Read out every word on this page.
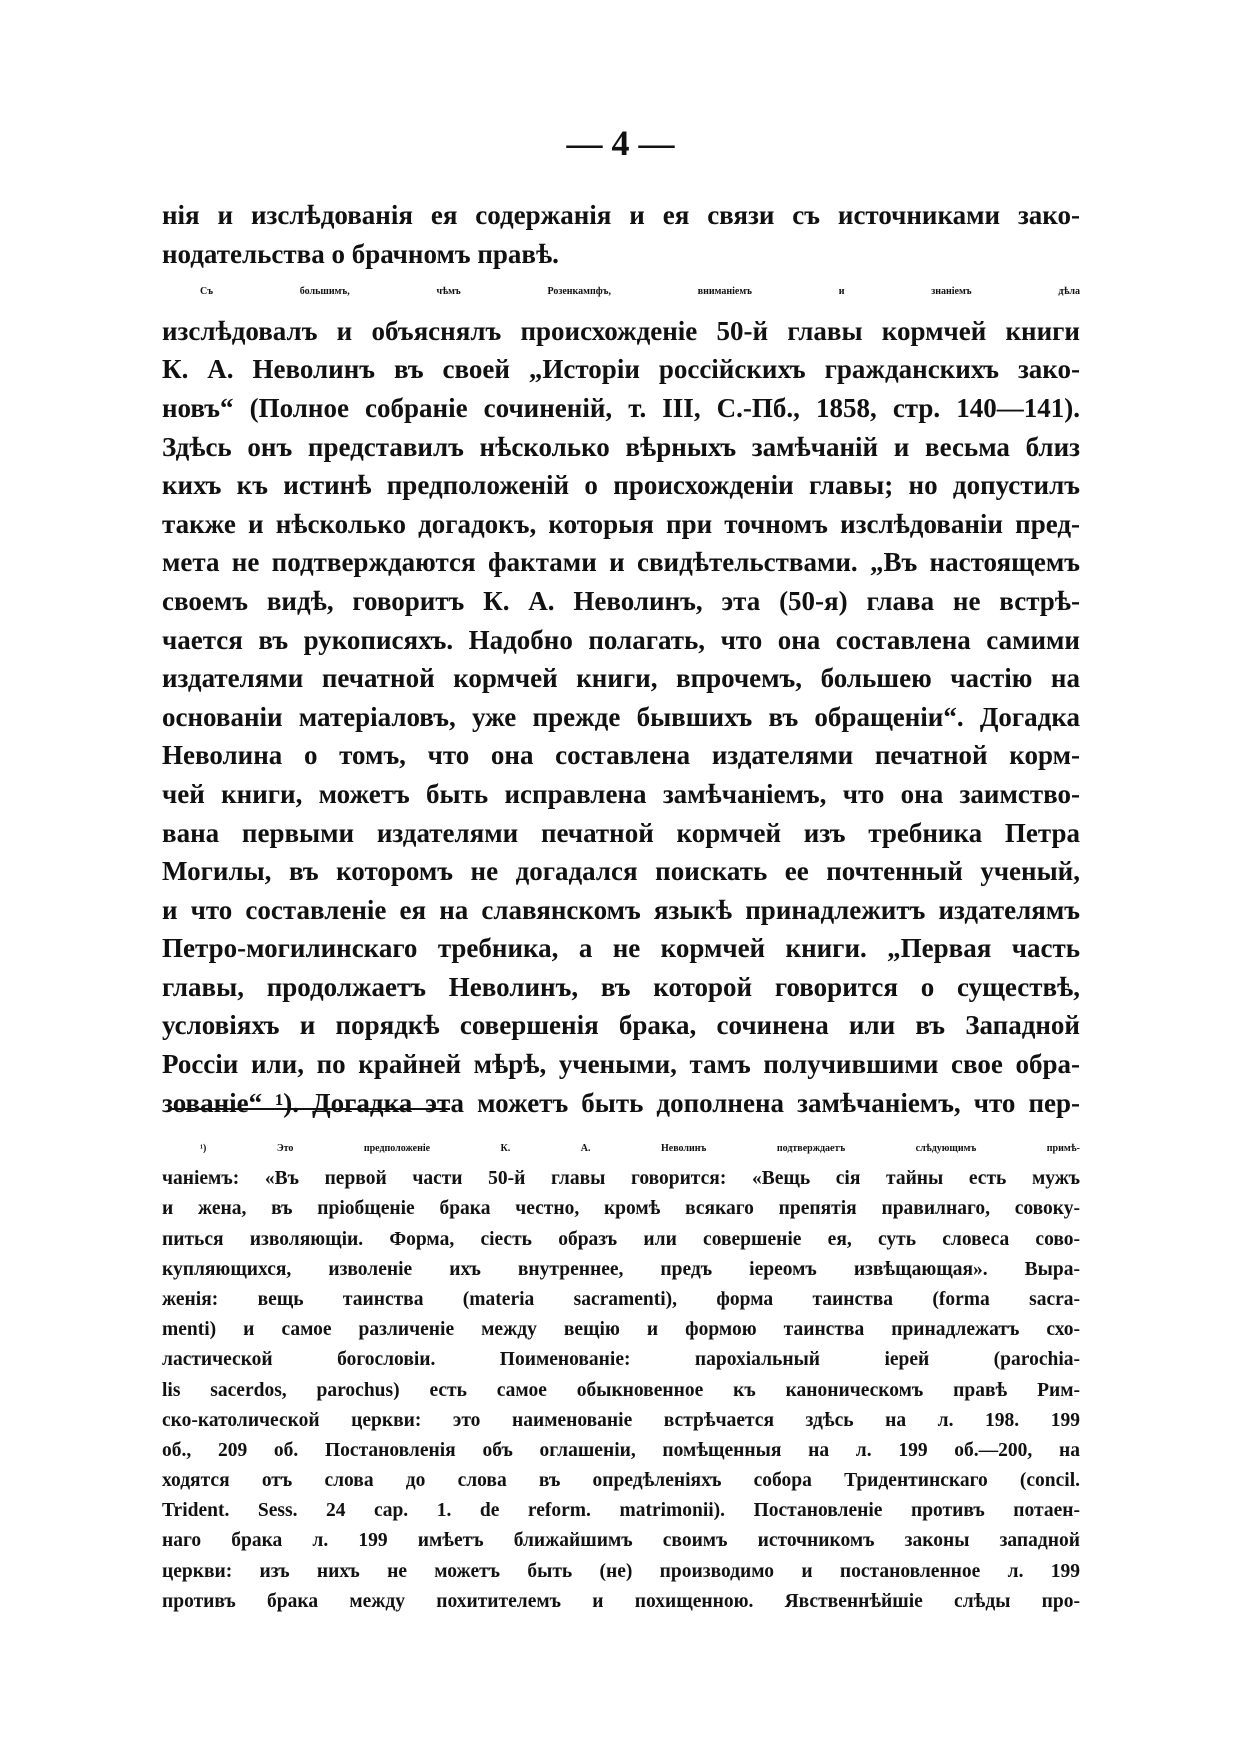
— 4 —
нія и изслѣдованія ея содержанія и ея связи съ источниками зако-
нодательства о брачномъ правѣ.
Съ большимъ, чѣмъ Розенкампфъ, вниманіемъ и знаніемъ дѣла
изслѣдовалъ и объяснялъ происхожденіе 50-й главы кормчей книги
К. А. Неволинъ въ своей „Исторіи россійскихъ гражданскихъ зако-
новъ“ (Полное собраніе сочиненій, т. III, С.-Пб., 1858, стр. 140—141).
Здѣсь онъ представилъ нѣсколько вѣрныхъ замѣчаній и весьма близ
кихъ къ истинѣ предположеній о происхожденіи главы; но допустилъ
также и нѣсколько догадокъ, которыя при точномъ изслѣдованіи пред-
мета не подтверждаются фактами и свидѣтельствами. „Въ настоящемъ
своемъ видѣ, говоритъ К. А. Неволинъ, эта (50-я) глава не встрѣ-
чается въ рукописяхъ. Надобно полагать, что она составлена самими
издателями печатной кормчей книги, впрочемъ, большею частію на
основаніи матеріаловъ, уже прежде бывшихъ въ обращеніи“. Догадка
Неволина о томъ, что она составлена издателями печатной корм-
чей книги, можетъ быть исправлена замѣчаніемъ, что она заимство-
вана первыми издателями печатной кормчей изъ требника Петра
Могилы, въ которомъ не догадался поискать ее почтенный ученый,
и что составленіе ея на славянскомъ языкѣ принадлежитъ издателямъ
Петро-могилинскаго требника, а не кормчей книги. „Первая часть
главы, продолжаетъ Неволинъ, въ которой говорится о существѣ,
условіяхъ и порядкѣ совершенія брака, сочинена или въ Западной
Россіи или, по крайней мѣрѣ, учеными, тамъ получившими свое обра-
зованіе“ ¹). Догадка эта можетъ быть дополнена замѣчаніемъ, что пер-
¹) Это предположеніе К. А. Неволинъ подтверждаетъ слѣдующимъ примѣ-
чаніемъ: «Въ первой части 50-й главы говорится: «Вещь сія тайны есть мужъ
и жена, въ пріобщеніе брака честно, кромѣ всякаго препятія правилнаго, совоку-
питься изволяющіи. Форма, сіесть образъ или совершеніе ея, суть словеса сово-
купляющихся, изволеніе ихъ внутреннее, предъ іереомъ извѣщающая». Выра-
женія: вещь таинства (materia sacramenti), форма таинства (forma sacra-
menti) и самое различеніе между вещію и формою таинства принадлежатъ схо-
ластической богословіи. Поименованіе: парохіальный іерей (parochia-
lis sacerdos, parochus) есть самое обыкновенное къ каноническомъ правѣ Рим-
ско-католической церкви: это наименованіе встрѣчается здѣсь на л. 198. 199
об., 209 об. Постановленія объ оглашеніи, помѣщенныя на л. 199 об.—200, на
ходятся отъ слова до слова въ опредѣленіяхъ собора Тридентинскаго (concil.
Trident. Sess. 24 cap. 1. de reform. matrimonii). Постановленіе противъ потаен-
наго брака л. 199 имѣетъ ближайшимъ своимъ источникомъ законы западной
церкви: изъ нихъ не можетъ быть (не) производимо и постановленное л. 199
противъ брака между похитителемъ и похищенною. Явственнѣйшіе слѣды про-
